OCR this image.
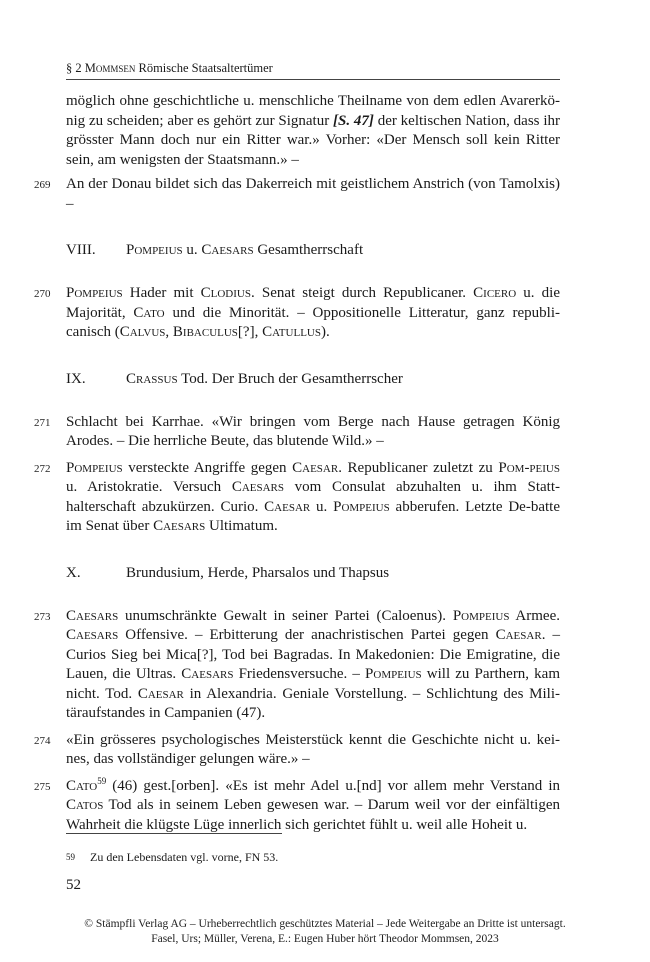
§ 2 Mommsen Römische Staatsaltertümer

möglich ohne geschichtliche u. menschliche Theilname von dem edlen Avarerkö-nig zu scheiden; aber es gehört zur Signatur [S. 47] der keltischen Nation, dass ihr grösster Mann doch nur ein Ritter war.» Vorher: «Der Mensch soll kein Ritter sein, am wenigsten der Staatsmann.» –

269 An der Donau bildet sich das Dakerreich mit geistlichem Anstrich (von Tamolxis) –

VIII. Pompeius u. Caesars Gesamtherrschaft

270 Pompeius Hader mit Clodius. Senat steigt durch Republicaner. Cicero u. die Majorität, Cato und die Minorität. – Oppositionelle Litteratur, ganz republi-canisch (Calvus, Bibaculus[?], Catullus).

IX.	Crassus Tod. Der Bruch der Gesamtherrscher

271 Schlacht bei Karrhae. «Wir bringen vom Berge nach Hause getragen König Arodes. – Die herrliche Beute, das blutende Wild.» –

272 Pompeius versteckte Angriffe gegen Caesar. Republicaner zuletzt zu Pom-peius u. Aristokratie. Versuch Caesars vom Consulat abzuhalten u. ihm Statt-halterschaft abzukürzen. Curio. Caesar u. Pompeius abberufen. Letzte De-batte im Senat über Caesars Ultimatum.

X.	Brundusium, Herde, Pharsalos und Thapsus

273 Caesars unumschränkte Gewalt in seiner Partei (Caloenus). Pompeius Armee. Caesars Offensive. – Erbitterung der anachristischen Partei gegen Caesar. – Curios Sieg bei Mica[?], Tod bei Bagradas. In Makedonien: Die Emigratine, die Lauen, die Ultras. Caesars Friedensversuche. – Pompeius will zu Parthern, kam nicht. Tod. Caesar in Alexandria. Geniale Vorstellung. – Schlichtung des Mili-täraufstandes in Campanien (47).

274 «Ein grösseres psychologisches Meisterstück kennt die Geschichte nicht u. kei-nes, das vollständiger gelungen wäre.» –

275 Cato$^{59}$ (46) gest.[orben]. «Es ist mehr Adel u.[nd] vor allem mehr Verstand in Catos Tod als in seinem Leben gewesen war. – Darum weil vor der einfältigen Wahrheit die klügste Lüge innerlich sich gerichtet fühlt u. weil alle Hoheit u.

59 Zu den Lebensdaten vgl. vorne, FN 53.
52
© Stämpfli Verlag AG – Urheberrechtlich geschütztes Material – Jede Weitergabe an Dritte ist untersagt.
Fasel, Urs; Müller, Verena, E.: Eugen Huber hört Theodor Mommsen, 2023
